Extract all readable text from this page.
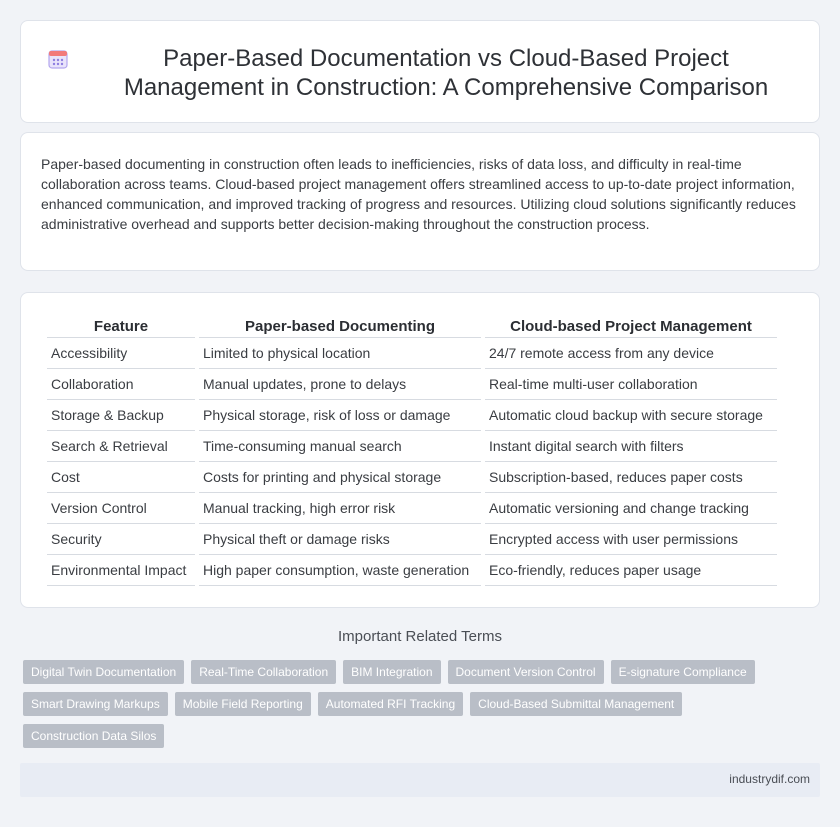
Paper-Based Documentation vs Cloud-Based Project Management in Construction: A Comprehensive Comparison

Paper-based documenting in construction often leads to inefficiencies, risks of data loss, and difficulty in real-time collaboration across teams. Cloud-based project management offers streamlined access to up-to-date project information, enhanced communication, and improved tracking of progress and resources. Utilizing cloud solutions significantly reduces administrative overhead and supports better decision-making throughout the construction process.

Feature	Paper-based Documenting	Cloud-based Project Management
Accessibility	Limited to physical location	24/7 remote access from any device
Collaboration	Manual updates, prone to delays	Real-time multi-user collaboration
Storage & Backup	Physical storage, risk of loss or damage	Automatic cloud backup with secure storage
Search & Retrieval	Time-consuming manual search	Instant digital search with filters
Cost	Costs for printing and physical storage	Subscription-based, reduces paper costs
Version Control	Manual tracking, high error risk	Automatic versioning and change tracking
Security	Physical theft or damage risks	Encrypted access with user permissions
Environmental Impact	High paper consumption, waste generation	Eco-friendly, reduces paper usage
Important Related Terms
Digital Twin Documentation	Real-Time Collaboration	BIM Integration	Document Version Control	E-signature Compliance
Smart Drawing Markups	Mobile Field Reporting	Automated RFI Tracking	Cloud-Based Submittal Management
Construction Data Silos
industrydif.com
